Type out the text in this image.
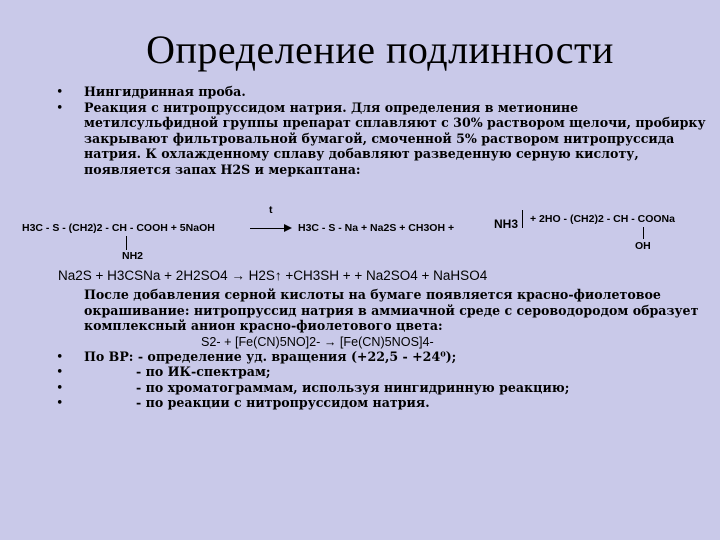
Определение подлинности
• Нингидринная проба.
• Реакция с нитропруссидом натрия. Для определения в метионине метилсульфидной группы препарат сплавляют с 30% раствором щелочи, пробирку закрывают фильтровальной бумагой, смоченной 5% раствором нитропруссида натрия. К охлажденному сплаву добавляют разведенную серную кислоту, появляется запах H2S и меркаптана:
H3C - S - (CH2)2 - CH - COOH + 5NaOH
NH2
t
H3C - S - Na + Na2S + CH3OH +	NH3 + 2HO - (CH2)2 - CH - COONa
OH
Na2S + H3CSNa + 2H2SO4 → H2S↑ +CH3SH + + Na2SO4 + NaHSO4
После добавления серной кислоты на бумаге появляется красно-фиолетовое окрашивание: нитропруссид натрия в аммиачной среде с сероводородом образует комплексный анион красно-фиолетового цвета:
S2- + [Fe(CN)5NO]2- → [Fe(CN)5NOS]4-
• По ВР: - определение уд. вращения (+22,5 - +24⁰);
•	- по ИК-спектрам;
•	- по хроматограммам, используя нингидринную реакцию;
•	- по реакции с нитропруссидом натрия.
